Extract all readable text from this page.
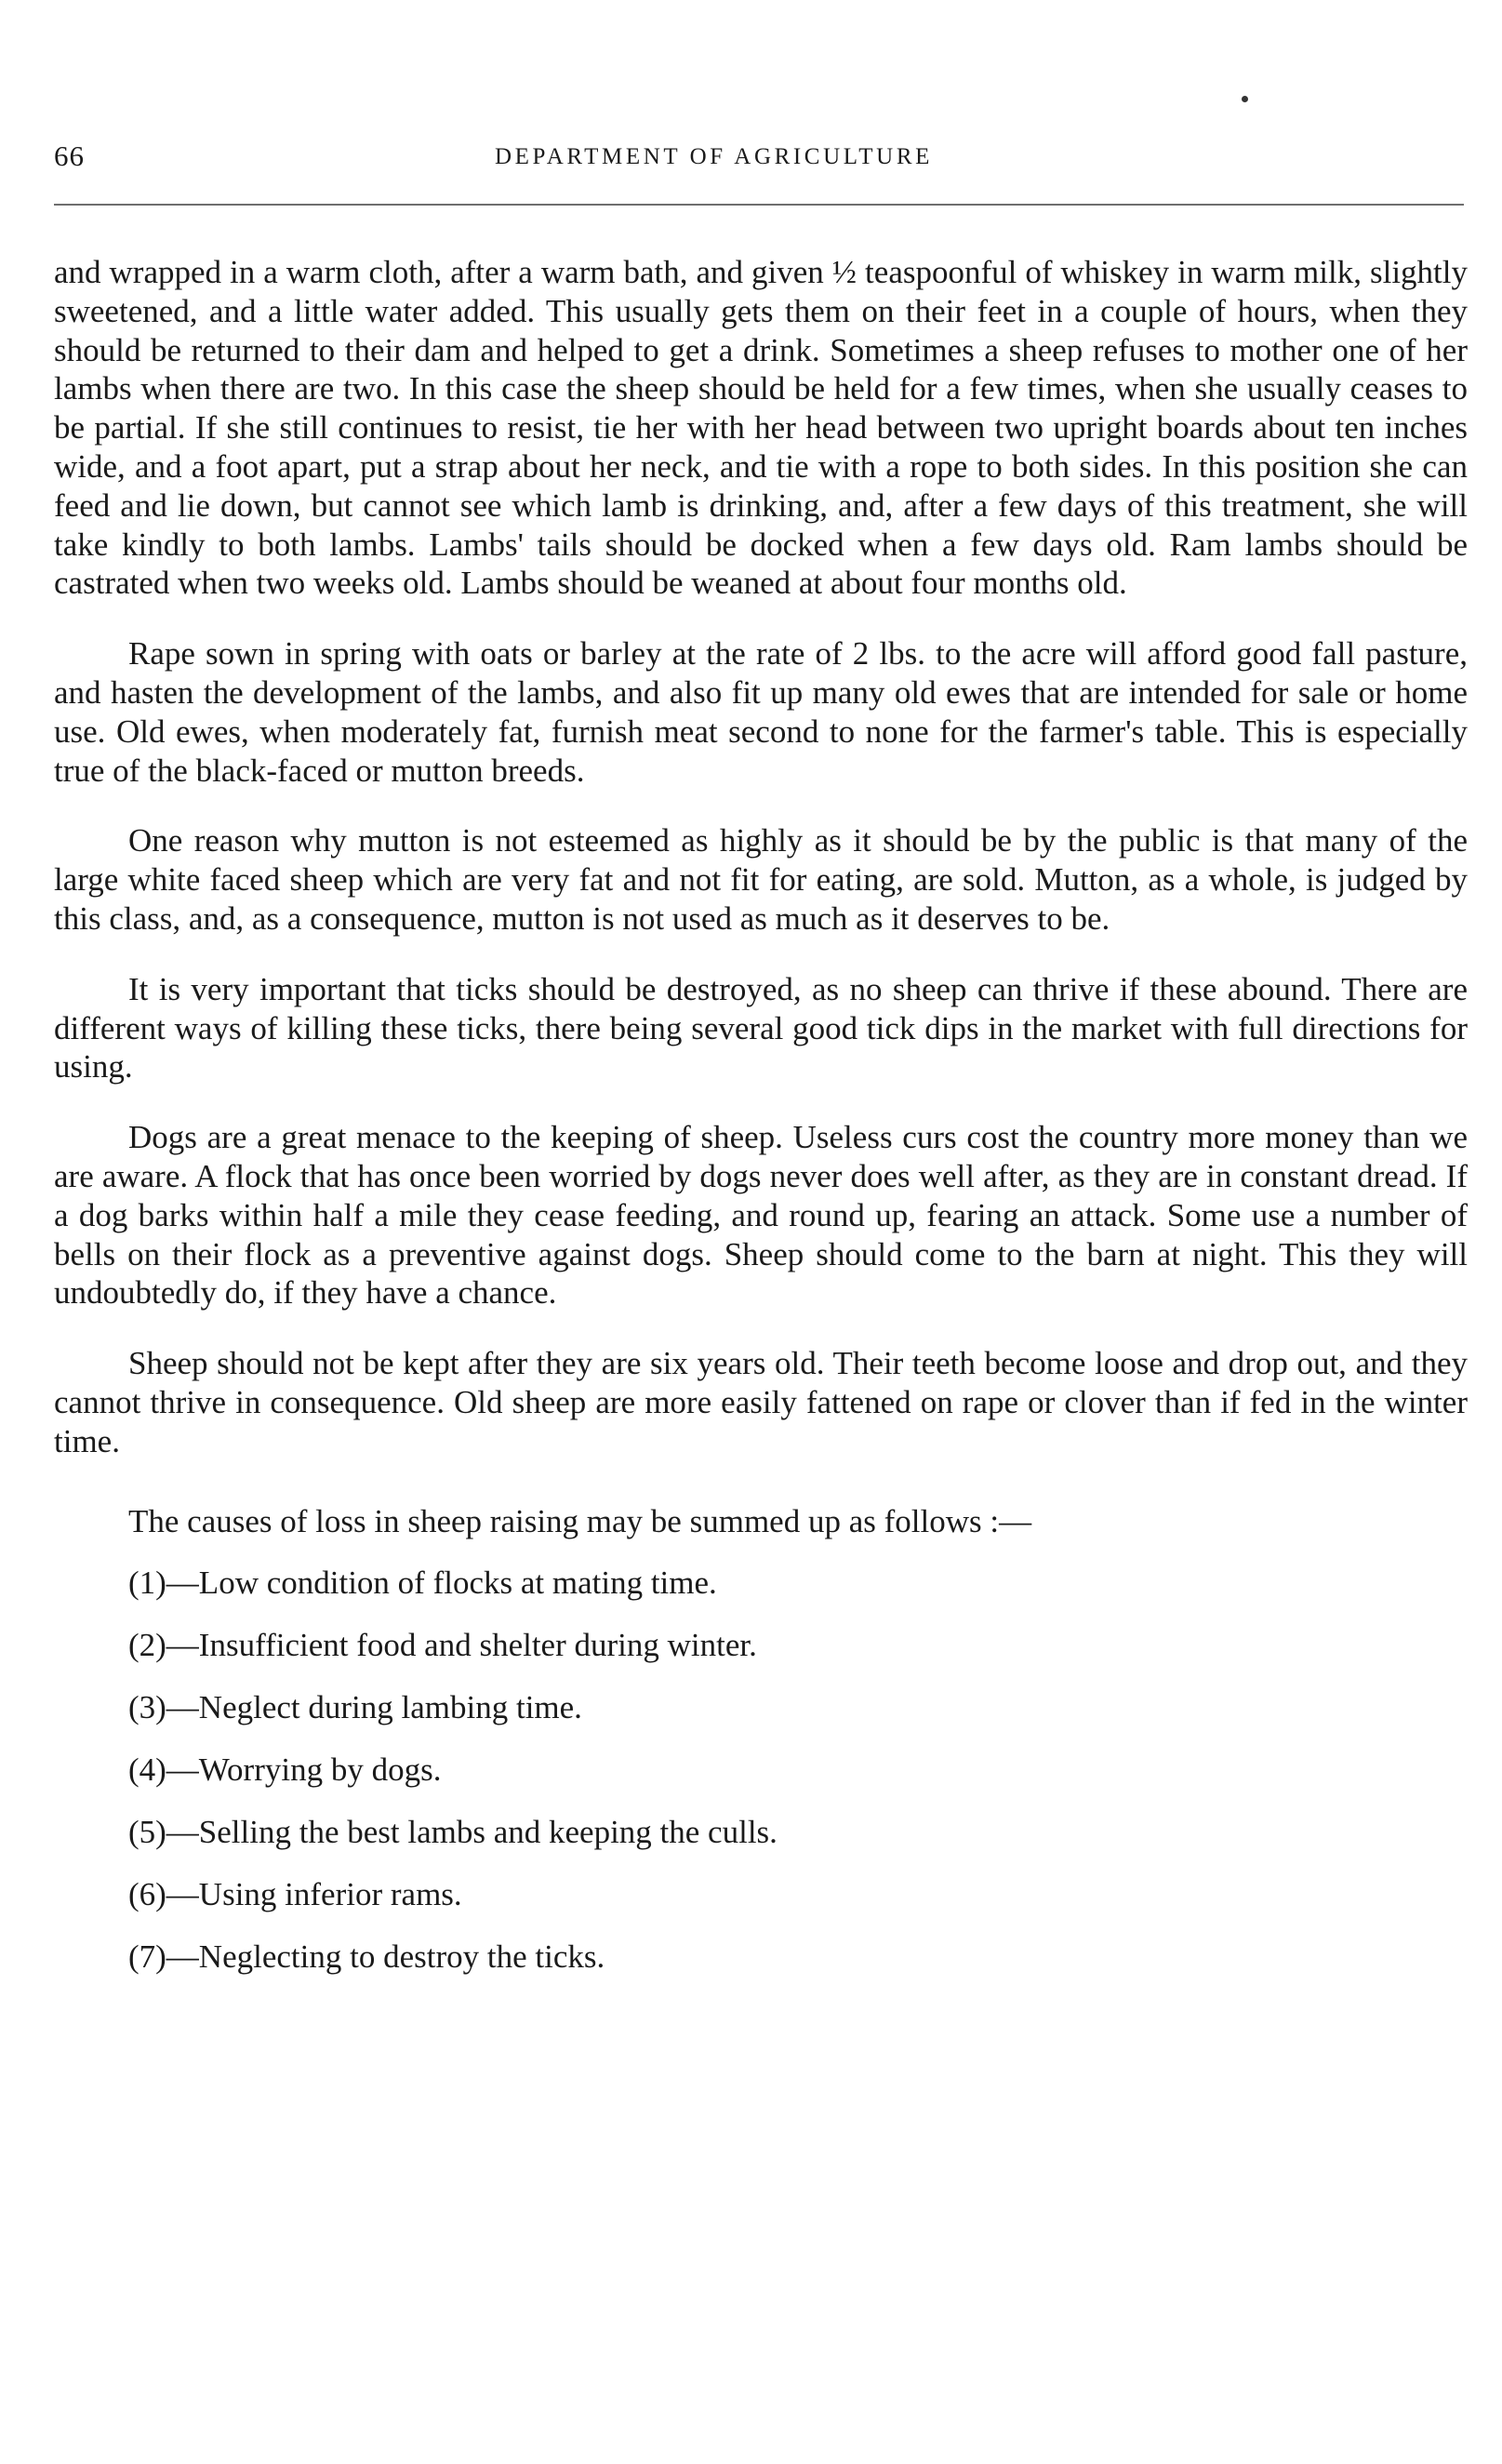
66	DEPARTMENT OF AGRICULTURE

and wrapped in a warm cloth, after a warm bath, and given ½ teaspoonful of whiskey in warm milk, slightly sweetened, and a little water added. This usually gets them on their feet in a couple of hours, when they should be returned to their dam and helped to get a drink. Sometimes a sheep refuses to mother one of her lambs when there are two. In this case the sheep should be held for a few times, when she usually ceases to be partial. If she still continues to resist, tie her with her head between two upright boards about ten inches wide, and a foot apart, put a strap about her neck, and tie with a rope to both sides. In this position she can feed and lie down, but cannot see which lamb is drinking, and, after a few days of this treatment, she will take kindly to both lambs. Lambs' tails should be docked when a few days old. Ram lambs should be castrated when two weeks old. Lambs should be weaned at about four months old.

Rape sown in spring with oats or barley at the rate of 2 lbs. to the acre will afford good fall pasture, and hasten the development of the lambs, and also fit up many old ewes that are intended for sale or home use. Old ewes, when moderately fat, furnish meat second to none for the farmer's table. This is especially true of the black-faced or mutton breeds.

One reason why mutton is not esteemed as highly as it should be by the public is that many of the large white faced sheep which are very fat and not fit for eating, are sold. Mutton, as a whole, is judged by this class, and, as a consequence, mutton is not used as much as it deserves to be.

It is very important that ticks should be destroyed, as no sheep can thrive if these abound. There are different ways of killing these ticks, there being several good tick dips in the market with full directions for using.

Dogs are a great menace to the keeping of sheep. Useless curs cost the country more money than we are aware. A flock that has once been worried by dogs never does well after, as they are in constant dread. If a dog barks within half a mile they cease feeding, and round up, fearing an attack. Some use a number of bells on their flock as a preventive against dogs. Sheep should come to the barn at night. This they will undoubtedly do, if they have a chance.

Sheep should not be kept after they are six years old. Their teeth become loose and drop out, and they cannot thrive in consequence. Old sheep are more easily fattened on rape or clover than if fed in the winter time.

The causes of loss in sheep raising may be summed up as follows :—

(1)—Low condition of flocks at mating time.
(2)—Insufficient food and shelter during winter.
(3)—Neglect during lambing time.
(4)—Worrying by dogs.
(5)—Selling the best lambs and keeping the culls.
(6)—Using inferior rams.
(7)—Neglecting to destroy the ticks.
